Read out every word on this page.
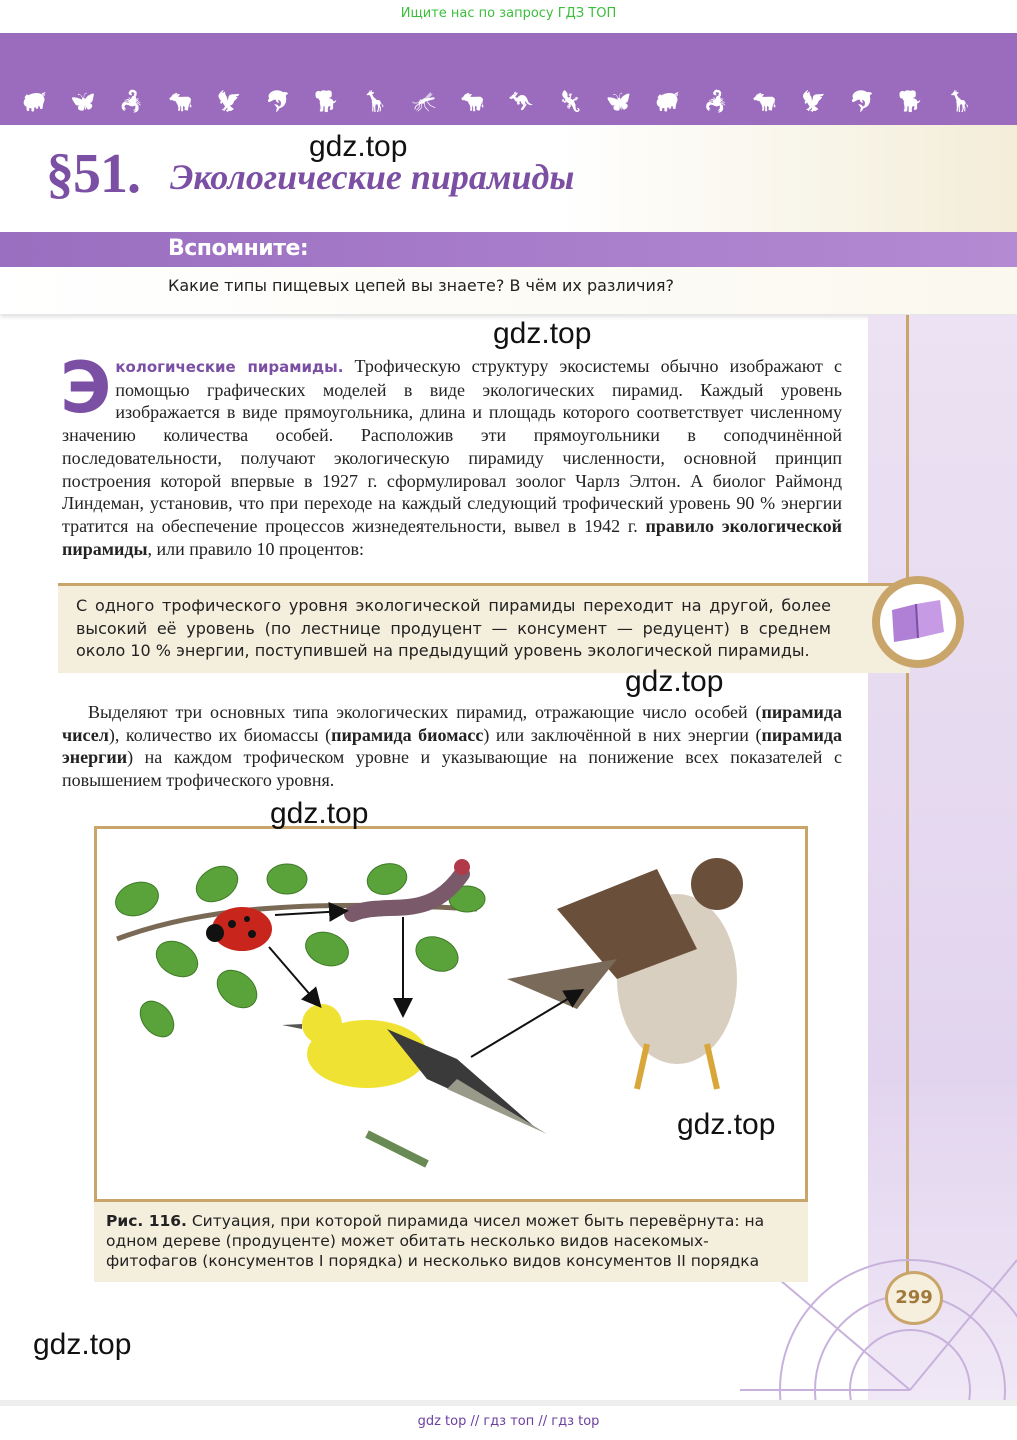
Ищите нас по запросу ГДЗ ТОП
🐖 🦋 🦂 🐄 🦅 🐬 🐕 🦒 🦟 🐄 🦘 🦎 🦋 🐖 🦂 🐄 🦅 🐬 🐕 🦒
§51. Экологические пирамиды
Вспомните:
Какие типы пищевых цепей вы знаете? В чём их различия?
Экологические пирамиды. Трофическую структуру экосистемы обычно изображают с помощью графических моделей в виде экологических пирамид. Каждый уровень изображается в виде прямоугольника, длина и площадь которого соответствует численному значению количества особей. Расположив эти прямоугольники в соподчинённой последовательности, получают экологическую пирамиду численности, основной принцип построения которой впервые в 1927 г. сформулировал зоолог Чарлз Элтон. А биолог Раймонд Линдеман, установив, что при переходе на каждый следующий трофический уровень 90 % энергии тратится на обеспечение процессов жизнедеятельности, вывел в 1942 г. правило экологической пирамиды, или правило 10 процентов:
С одного трофического уровня экологической пирамиды переходит на другой, более высокий её уровень (по лестнице продуцент — консумент — редуцент) в среднем около 10 % энергии, поступившей на предыдущий уровень экологической пирамиды.
Выделяют три основных типа экологических пирамид, отражающие число особей (пирамида чисел), количество их биомассы (пирамида биомасс) или заключённой в них энергии (пирамида энергии) на каждом трофическом уровне и указывающие на понижение всех показателей с повышением трофического уровня.
Рис. 116. Ситуация, при которой пирамида чисел может быть перевёрнута: на одном дереве (продуценте) может обитать несколько видов насекомых-фитофагов (консументов I порядка) и несколько видов консументов II порядка
299
gdz.top
gdz.top
gdz.top
gdz.top
gdz.top
gdz.top
gdz top // гдз топ // гдз top
